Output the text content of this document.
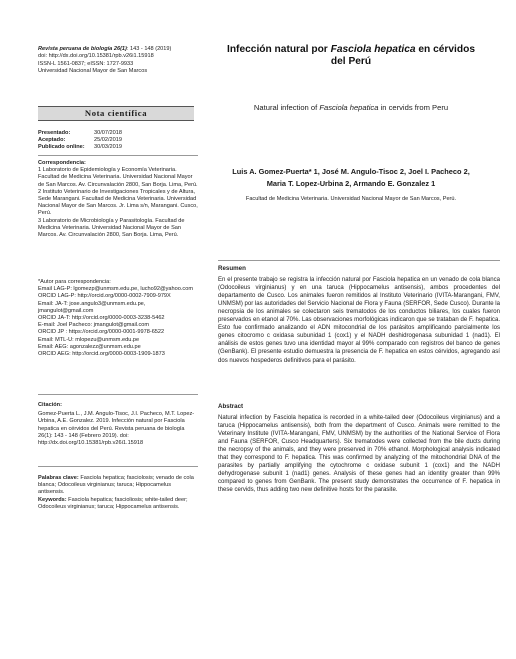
Revista peruana de biología 26(1): 143 - 148 (2019)
doi: http://dx.doi.org/10.15381/rpb.v26i1.15918
ISSN-L 1561-0837; eISSN: 1727-9933
Universidad Nacional Mayor de San Marcos
Nota científica
Presentado:	30/07/2018
Aceptado:	25/02/2019
Publicado online:	30/03/2019
Correspondencia:
1 Laboratorio de Epidemiología y Economía Veterinaria. Facultad de Medicina Veterinaria. Universidad Nacional Mayor de San Marcos. Av. Circunvalación 2800, San Borja. Lima, Perú.
2 Instituto Veterinario de Investigaciones Tropicales y de Altura, Sede Marangani. Facultad de Medicina Veterinaria. Universidad Nacional Mayor de San Marcos. Jr. Lima s/n, Marangani. Cusco, Perú.
3 Laboratorio de Microbiología y Parasitología. Facultad de Medicina Veterinaria. Universidad Nacional Mayor de San Marcos. Av. Circunvalación 2800, San Borja. Lima, Perú.
*Autor para correspondencia:
Email LAG-P: lgomezp@unmsm.edu.pe, lucho92@yahoo.com
ORCID LAG-P: http://orcid.org/0000-0002-7909-979X
Email: JA-T: jose.angulo3@unmsm.edu.pe, jmangulot@gmail.com
ORCID JA-T: http://orcid.org/0000-0003-3238-5462
E-mail: Joel Pacheco: jmangulot@gmail.com
ORCID JP : https://orcid.org/0000-0001-9978-6522
Email: MTL-U: mlopezu@unmsm.edu.pe
Email: AEG: agonzalezz@unmsm.edu.pe
ORCID AEG: http://orcid.org/0000-0003-1909-1873
Citación:
Gomez-Puerta L., J.M. Angulo-Tisoc, J.I. Pacheco, M.T. Lopez-Urbina, A.E. Gonzalez. 2019. Infección natural por Fasciola hepatica en cérvidos del Perú. Revista peruana de biología 26(1): 143 - 148 (Febrero 2019). doi: http://dx.doi.org/10.15381/rpb.v26i1.15918
Palabras clave: Fasciola hepatica; fasciolosis; venado de cola blanca; Odocoileus virginianus; taruca; Hippocamelus antisensis.
Keywords: Fasciola hepatica; fascioliosis; white-tailed deer; Odocoileus virginianus; taruca; Hippocamelus antisensis.
Infección natural por Fasciola hepatica en cérvidos del Perú
Natural infection of Fasciola hepatica in cervids from Peru
Luis A. Gomez-Puerta* 1, José M. Angulo-Tisoc 2, Joel I. Pacheco 2,
Maria T. Lopez-Urbina 2, Armando E. Gonzalez 1
Facultad de Medicina Veterinaria. Universidad Nacional Mayor de San Marcos, Perú.
Resumen
En el presente trabajo se registra la infección natural por Fasciola hepatica en un venado de cola blanca (Odocoileus virginianus) y en una taruca (Hippocamelus antisensis), ambos procedentes del departamento de Cusco. Los animales fueron remitidos al Instituto Veterinario (IVITA-Marangani, FMV, UNMSM) por las autoridades del Servicio Nacional de Flora y Fauna (SERFOR, Sede Cusco). Durante la necropsia de los animales se colectaron seis trematodos de los conductos biliares, los cuales fueron preservados en etanol al 70%. Las observaciones morfológicas indicaron que se trataban de F. hepatica. Esto fue confirmado analizando el ADN mitocondrial de los parásitos amplificando parcialmente los genes citocromo c oxidasa subunidad 1 (cox1) y el NADH deshidrogenasa subunidad 1 (nad1). El análisis de estos genes tuvo una identidad mayor al 99% comparado con registros del banco de genes (GenBank). El presente estudio demuestra la presencia de F. hepatica en estos cérvidos, agregando así dos nuevos hospederos definitivos para el parásito.
Abstract
Natural infection by Fasciola hepatica is recorded in a white-tailed deer (Odocoileus virginianus) and a taruca (Hippocamelus antisensis), both from the department of Cusco. Animals were remitted to the Veterinary Institute (IVITA-Marangani, FMV, UNMSM) by the authorities of the National Service of Flora and Fauna (SERFOR, Cusco Headquarters). Six trematodes were collected from the bile ducts during the necropsy of the animals, and they were preserved in 70% ethanol. Morphological analysis indicated that they correspond to F. hepatica. This was confirmed by analyzing of the mitochondrial DNA of the parasites by partially amplifying the cytochrome c oxidase subunit 1 (cox1) and the NADH dehydrogenase subunit 1 (nad1) genes. Analysis of these genes had an identity greater than 99% compared to genes from GenBank. The present study demonstrates the occurrence of F. hepatica in these cervids, thus adding two new definitive hosts for the parasite.
